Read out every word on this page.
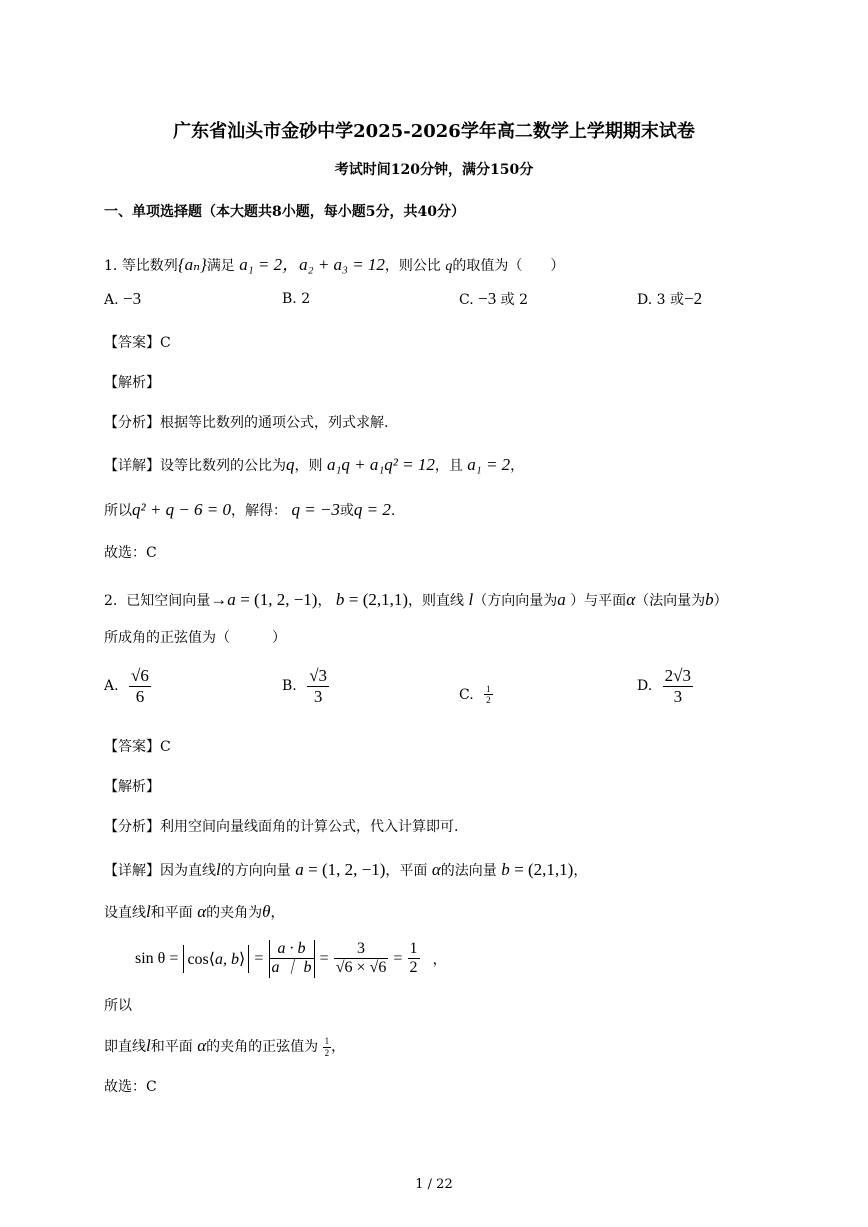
广东省汕头市金砂中学2025-2026学年高二数学上学期期末试卷
考试时间120分钟，满分150分
一、单项选择题（本大题共8小题，每小题5分，共40分）
1. 等比数列{aₙ}满足 a₁ = 2，a₂ + a₃ = 12，则公比 q的取值为（　　）
A. −3	B. 2	C. −3 或 2	D. 3 或−2
【答案】C
【解析】
【分析】根据等比数列的通项公式，列式求解.
【详解】设等比数列的公比为q，则 a₁q + a₁q² = 12，且 a₁ = 2，
所以q² + q − 6 = 0，解得： q = −3或q = 2.
故选：C
2. 已知空间向量→a = (1, 2, −1)， b = (2,1,1)，则直线 l（方向向量为a ）与平面α（法向量为b）
所成角的正弦值为（　　　）
A. $\frac{√6}{6}$	B. $\frac{√3}{3}$	C. $\frac{1}{2}$	D. $\frac{2√3}{3}$
【答案】C
【解析】
【分析】利用空间向量线面角的计算公式，代入计算即可.
【详解】因为直线l的方向向量 a = (1, 2, −1)，平面 α的法向量 b = (2,1,1)，
设直线l和平面 α的夹角为θ，
所以
sin θ = cos⟨a, b⟩ = $\frac{a \cdot b}{a | b} = \frac{3}{√6 \times √6} = \frac{1}{2}$ ，
即直线l和平面 α的夹角的正弦值为 $\frac{1}{2}$ ，
故选：C
1 / 22
